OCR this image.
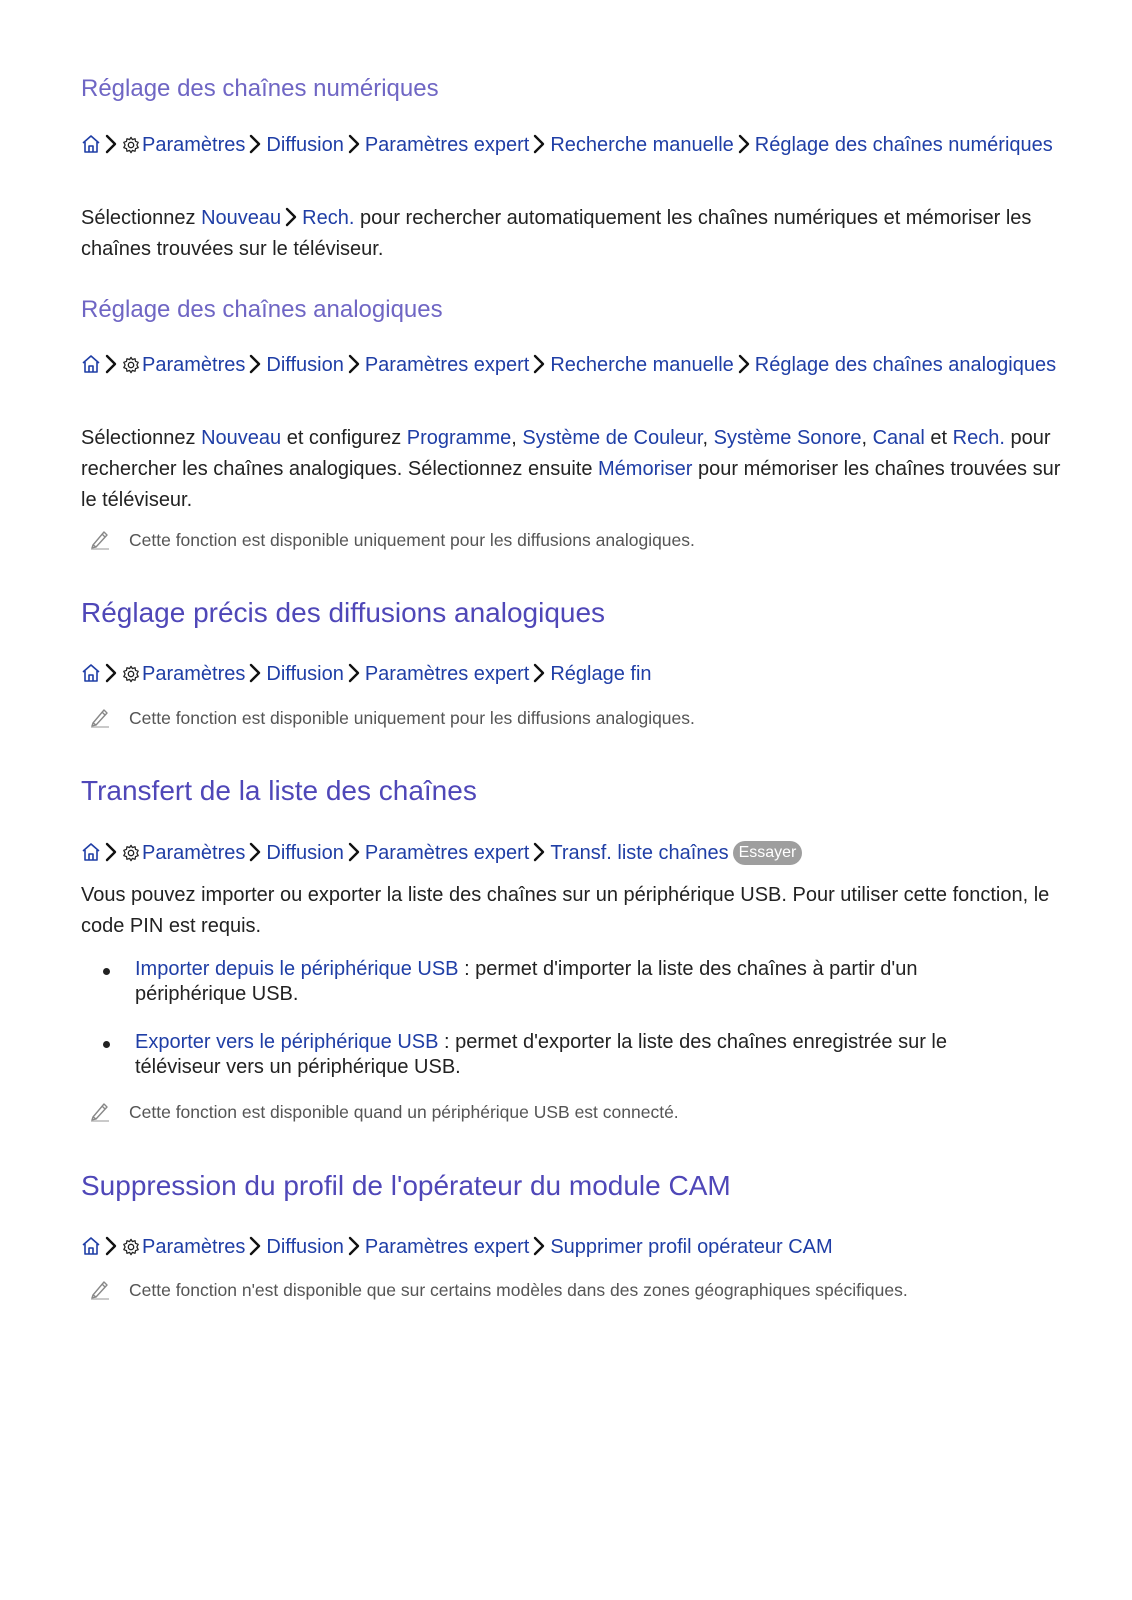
Réglage des chaînes numériques
Paramètres Diffusion Paramètres expert Recherche manuelle Réglage des chaînes numériques

Sélectionnez Nouveau Rech. pour rechercher automatiquement les chaînes numériques et mémoriser les chaînes trouvées sur le téléviseur.

Réglage des chaînes analogiques
Paramètres Diffusion Paramètres expert Recherche manuelle Réglage des chaînes analogiques

Sélectionnez Nouveau et configurez Programme, Système de Couleur, Système Sonore, Canal et Rech. pour rechercher les chaînes analogiques. Sélectionnez ensuite Mémoriser pour mémoriser les chaînes trouvées sur le téléviseur.

Cette fonction est disponible uniquement pour les diffusions analogiques.
Réglage précis des diffusions analogiques
Paramètres Diffusion Paramètres expert Réglage fin
Cette fonction est disponible uniquement pour les diffusions analogiques.
Transfert de la liste des chaînes
Paramètres Diffusion Paramètres expert Transf. liste chaînes Essayer

Vous pouvez importer ou exporter la liste des chaînes sur un périphérique USB. Pour utiliser cette fonction, le code PIN est requis.

Importer depuis le périphérique USB : permet d'importer la liste des chaînes à partir d'un périphérique USB.
Exporter vers le périphérique USB : permet d'exporter la liste des chaînes enregistrée sur le téléviseur vers un périphérique USB.
Cette fonction est disponible quand un périphérique USB est connecté.
Suppression du profil de l'opérateur du module CAM
Paramètres Diffusion Paramètres expert Supprimer profil opérateur CAM
Cette fonction n'est disponible que sur certains modèles dans des zones géographiques spécifiques.
